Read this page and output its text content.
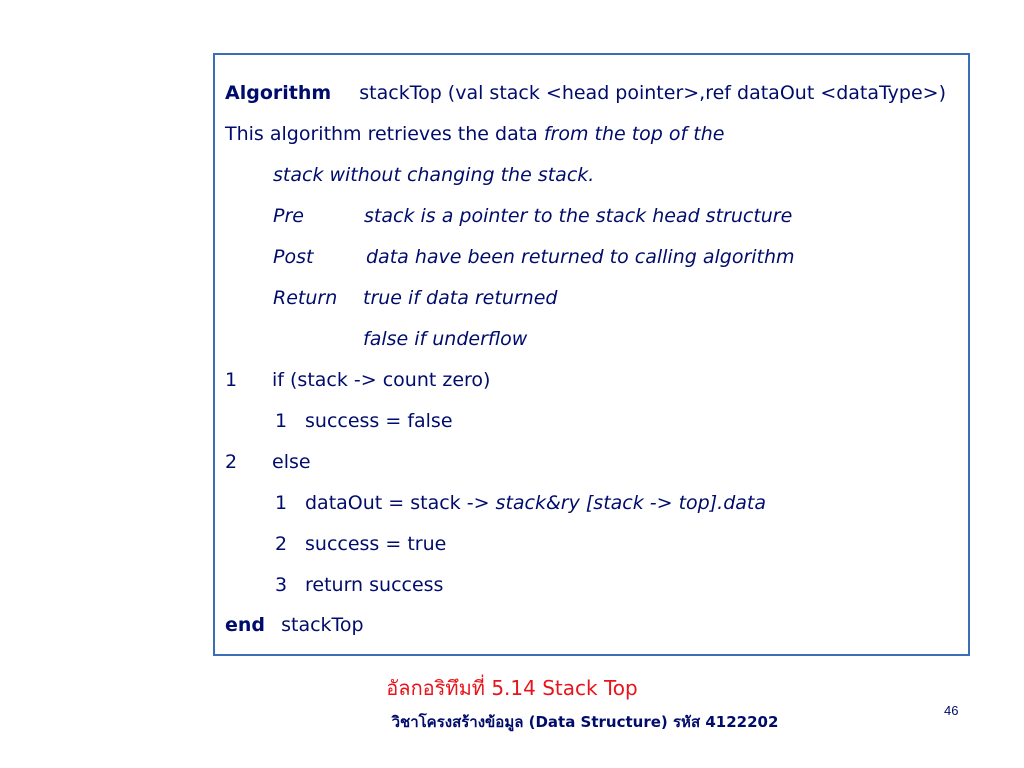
Algorithm stackTop (val stack <head pointer>,ref dataOut <dataType>)
This algorithm retrieves the data from the top of the
stack without changing the stack.
Pre	stack is a pointer to the stack head structure
Post	data have been returned to calling algorithm
Return true if data returned
false if underflow
1 if (stack -> count zero)
1 success = false
2 else
1 dataOut = stack -> stack&ry [stack -> top].data
2 success = true
3 return success
end stackTop
อัลกอริทึมที่ 5.14 Stack Top
46
วิชาโครงสร้างข้อมูล (Data Structure) รหัส 4122202
